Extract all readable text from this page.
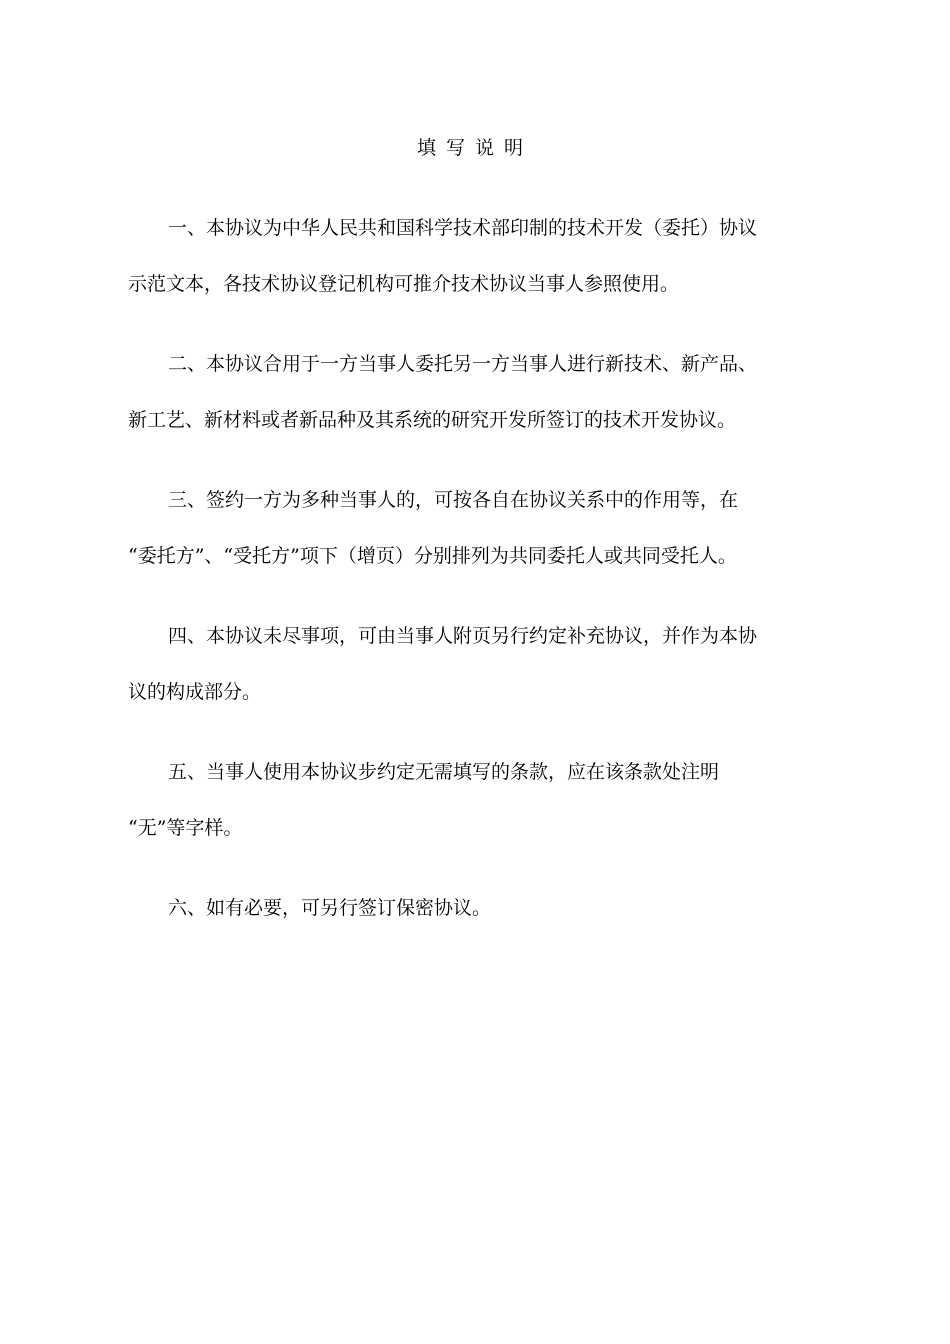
填写说明
一、本协议为中华人民共和国科学技术部印制的技术开发（委托）协议
示范文本，各技术协议登记机构可推介技术协议当事人参照使用。
二、本协议合用于一方当事人委托另一方当事人进行新技术、新产品、
新工艺、新材料或者新品种及其系统的研究开发所签订的技术开发协议。
三、签约一方为多种当事人的，可按各自在协议关系中的作用等，在
“委托方”、“受托方”项下（增页）分别排列为共同委托人或共同受托人。
四、本协议未尽事项，可由当事人附页另行约定补充协议，并作为本协
议的构成部分。
五、当事人使用本协议步约定无需填写的条款，应在该条款处注明
“无”等字样。
六、如有必要，可另行签订保密协议。
